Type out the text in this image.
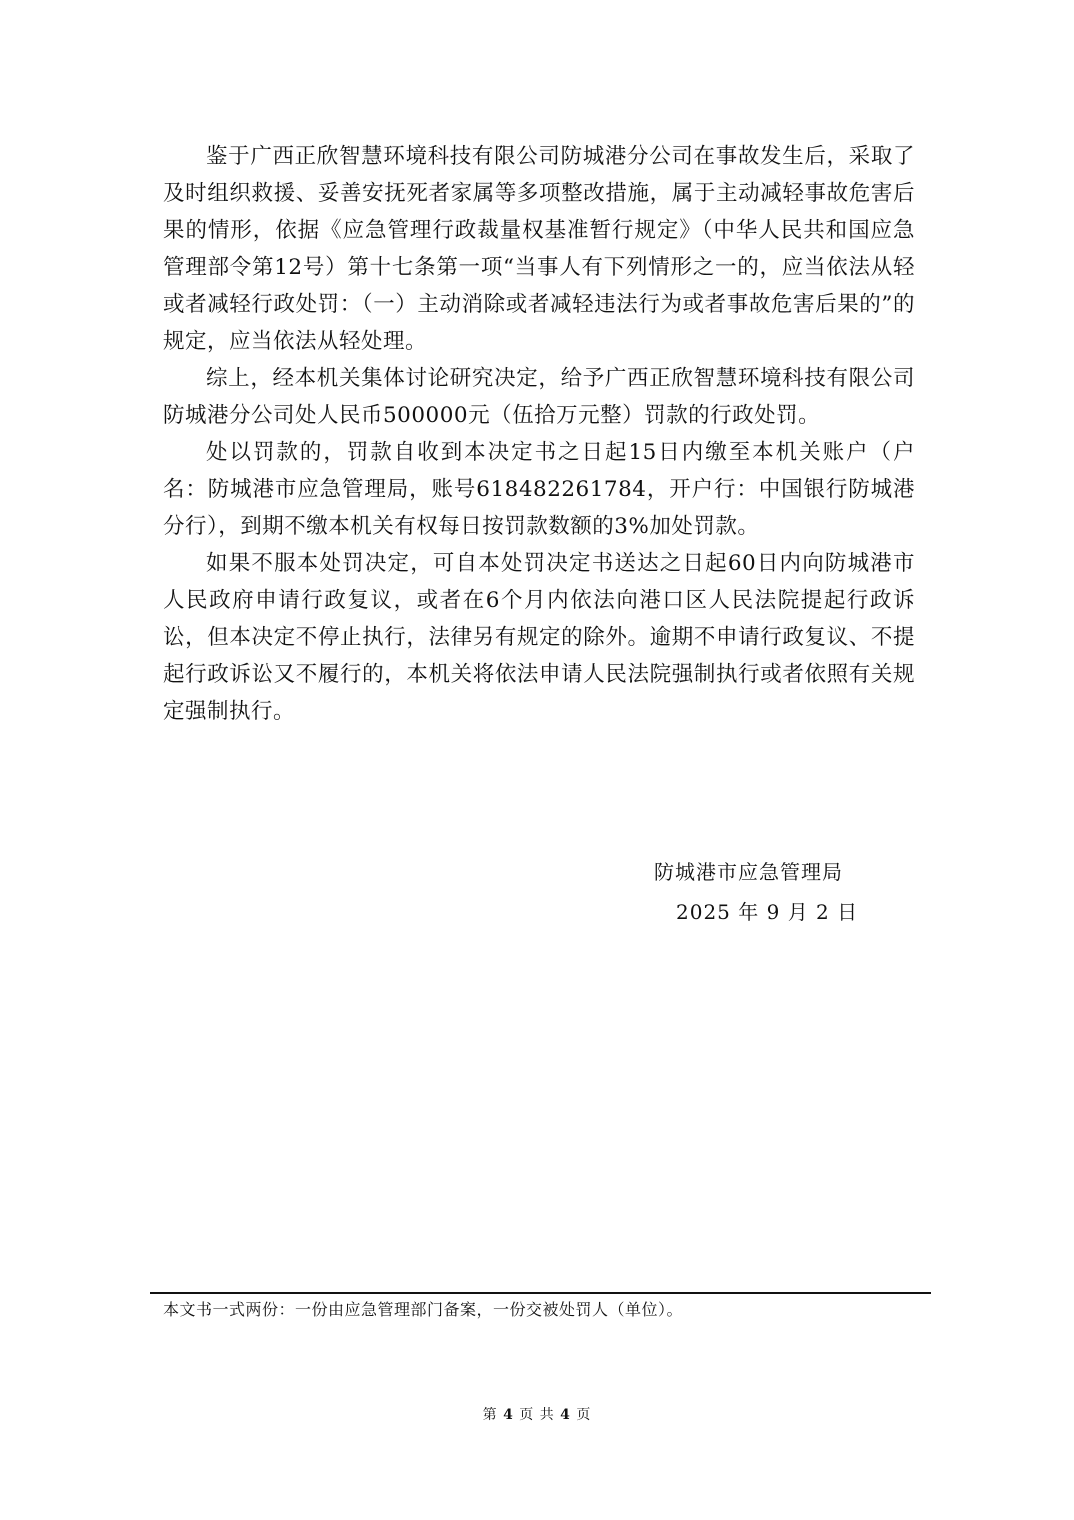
鉴于广西正欣智慧环境科技有限公司防城港分公司在事故发生后，采取了及时组织救援、妥善安抚死者家属等多项整改措施，属于主动减轻事故危害后果的情形，依据《应急管理行政裁量权基准暂行规定》（中华人民共和国应急管理部令第12号）第十七条第一项“当事人有下列情形之一的，应当依法从轻或者减轻行政处罚：（一）主动消除或者减轻违法行为或者事故危害后果的”的规定，应当依法从轻处理。

综上，经本机关集体讨论研究决定，给予广西正欣智慧环境科技有限公司防城港分公司处人民币500000元（伍拾万元整）罚款的行政处罚。

处以罚款的，罚款自收到本决定书之日起15日内缴至本机关账户（户名：防城港市应急管理局，账号618482261784，开户行：中国银行防城港分行），到期不缴本机关有权每日按罚款数额的3%加处罚款。

如果不服本处罚决定，可自本处罚决定书送达之日起60日内向防城港市人民政府申请行政复议，或者在6个月内依法向港口区人民法院提起行政诉讼，但本决定不停止执行，法律另有规定的除外。逾期不申请行政复议、不提起行政诉讼又不履行的，本机关将依法申请人民法院强制执行或者依照有关规定强制执行。

防城港市应急管理局
2025 年 9 月 2 日
本文书一式两份：一份由应急管理部门备案，一份交被处罚人（单位）。
第 4 页 共 4 页
